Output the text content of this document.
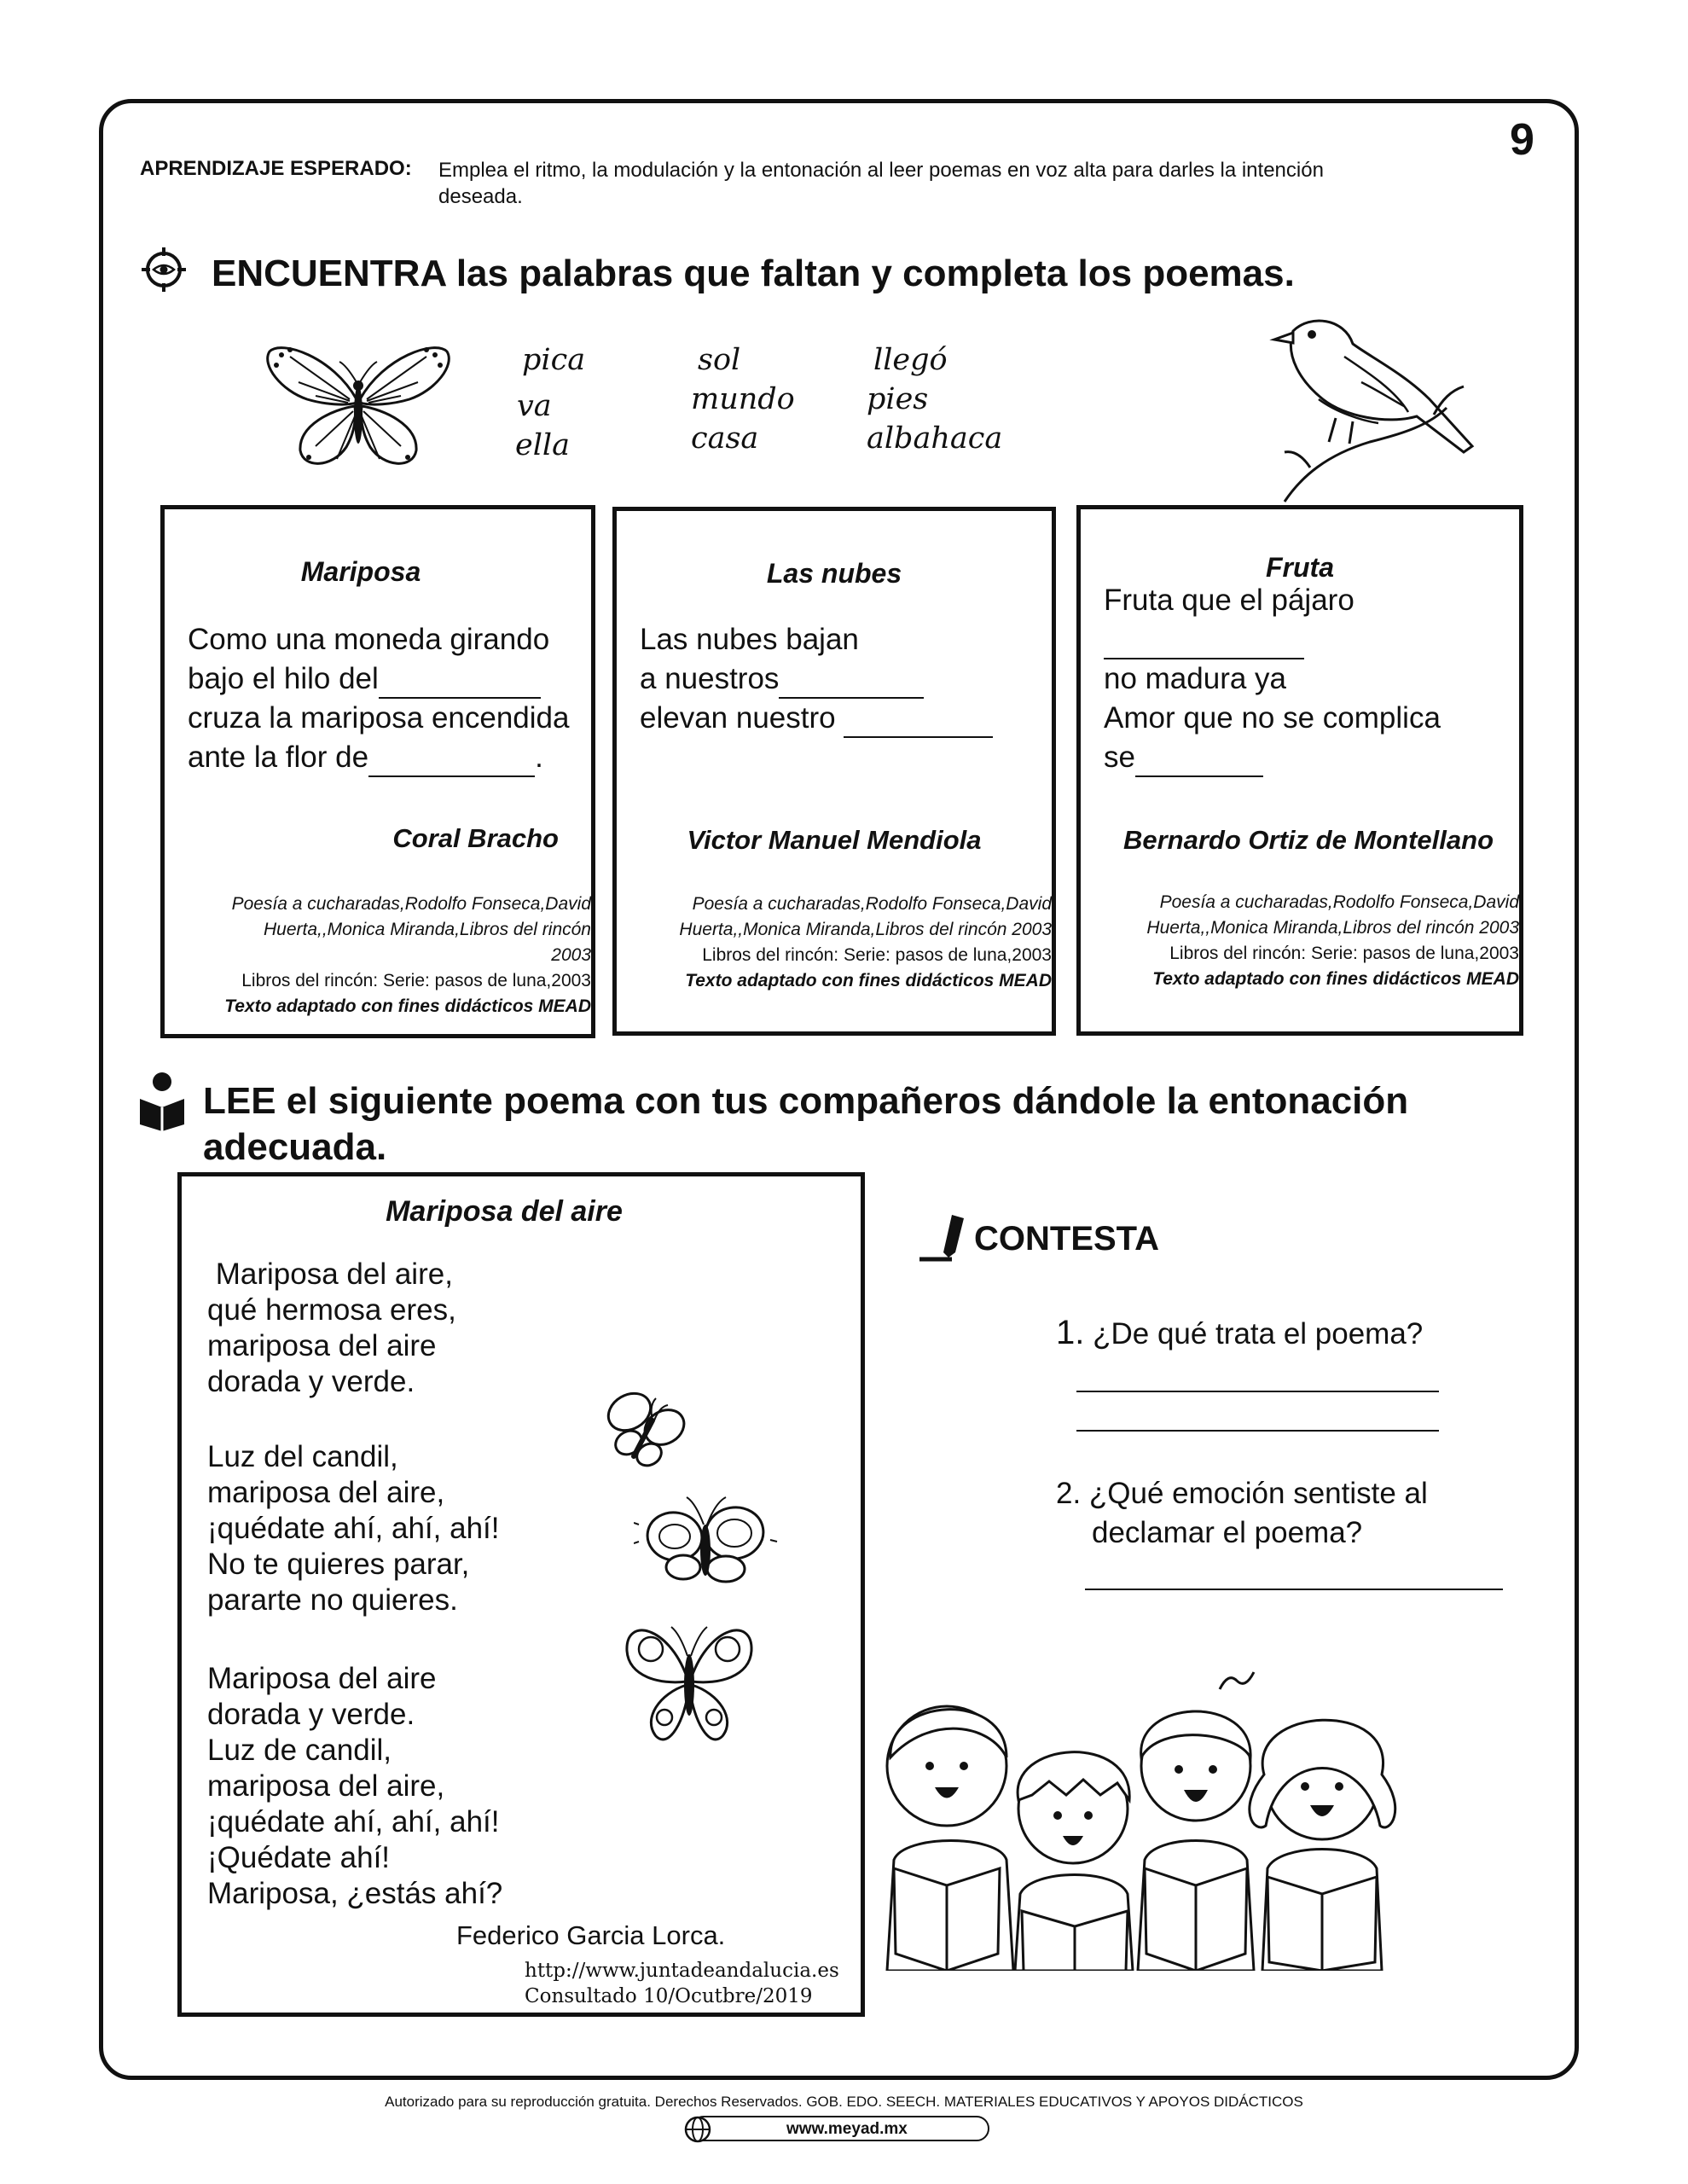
9
APRENDIZAJE ESPERADO: Emplea el ritmo, la modulación y la entonación al leer poemas en voz alta para darles la intención
deseada.
ENCUENTRA las palabras que faltan y completa los poemas.
pica
va
ella
sol
mundo
casa
llegó
pies
albahaca
Mariposa
Como una moneda girando
bajo el hilo del
cruza la mariposa encendida
ante la flor de	.
Coral Bracho
Poesía a cucharadas,Rodolfo Fonseca,David
Huerta,,Monica Miranda,Libros del rincón
2003
Libros del rincón: Serie: pasos de luna,2003
Texto adaptado con fines didácticos MEAD
Las nubes
Las nubes bajan
a nuestros
elevan nuestro
Victor Manuel Mendiola
Poesía a cucharadas,Rodolfo Fonseca,David
Huerta,,Monica Miranda,Libros del rincón 2003
Libros del rincón: Serie: pasos de luna,2003
Texto adaptado con fines didácticos MEAD
Fruta
Fruta que el pájaro
no madura ya
Amor que no se complica
se
Bernardo Ortiz de Montellano
Poesía a cucharadas,Rodolfo Fonseca,David
Huerta,,Monica Miranda,Libros del rincón 2003
Libros del rincón: Serie: pasos de luna,2003
Texto adaptado con fines didácticos MEAD
LEE el siguiente poema con tus compañeros dándole la entonación
adecuada.
Mariposa del aire
Mariposa del aire,
qué hermosa eres,
mariposa del aire
dorada y verde.
Luz del candil,
mariposa del aire,
¡quédate ahí, ahí, ahí!
No te quieres parar,
pararte no quieres.
Mariposa del aire
dorada y verde.
Luz de candil,
mariposa del aire,
¡quédate ahí, ahí, ahí!
¡Quédate ahí!
Mariposa, ¿estás ahí?
Federico Garcia Lorca.
http://www.juntadeandalucia.es
Consultado 10/Ocutbre/2019
CONTESTA
1. ¿De qué trata el poema?
2. ¿Qué emoción sentiste al
declamar el poema?
Autorizado para su reproducción gratuita. Derechos Reservados. GOB. EDO. SEECH. MATERIALES EDUCATIVOS Y APOYOS DIDÁCTICOS
www.meyad.mx
